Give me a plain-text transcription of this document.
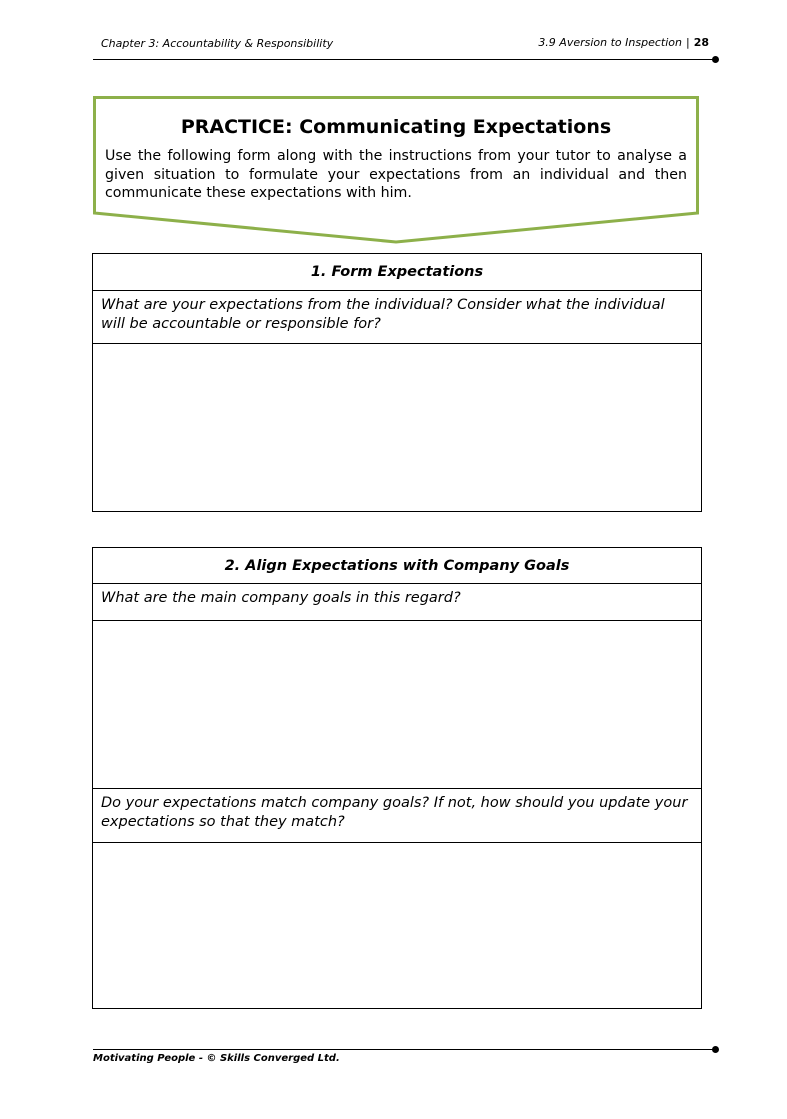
Chapter 3: Accountability & Responsibility	3.9 Aversion to Inspection | 28
PRACTICE: Communicating Expectations
Use the following form along with the instructions from your tutor to analyse a given situation to formulate your expectations from an individual and then communicate these expectations with him.
1. Form Expectations
What are your expectations from the individual? Consider what the individual will be accountable or responsible for?
2. Align Expectations with Company Goals
What are the main company goals in this regard?
Do your expectations match company goals? If not, how should you update your expectations so that they match?
Motivating People - © Skills Converged Ltd.
